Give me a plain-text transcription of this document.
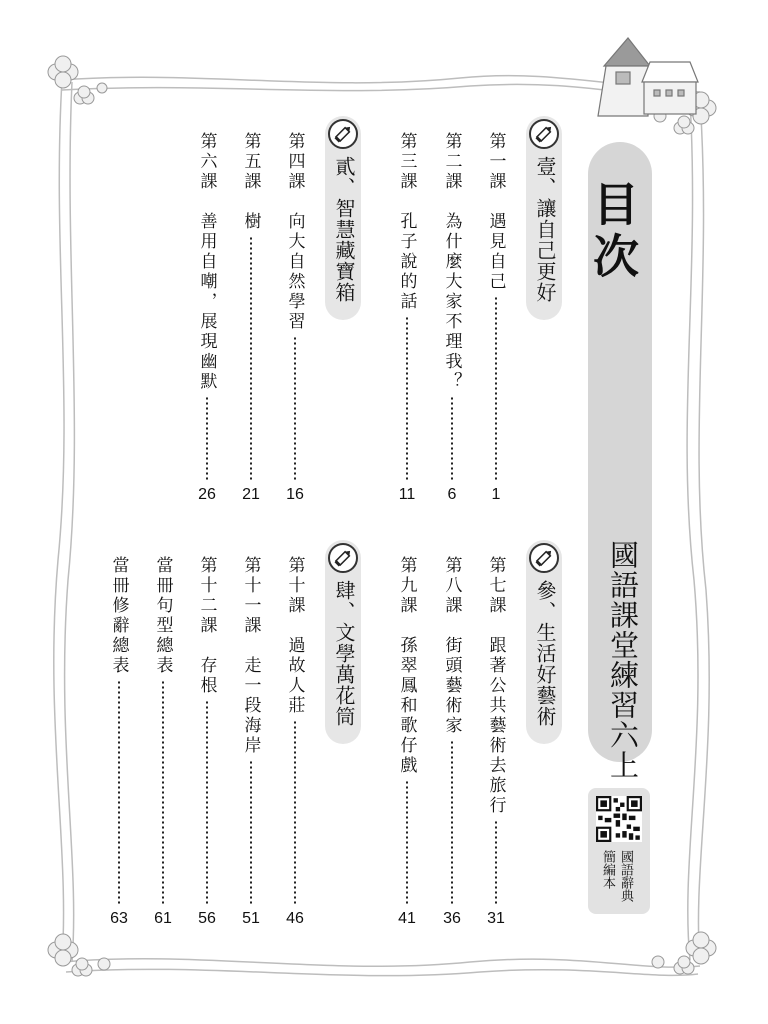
目次
國語課堂練習六上
國語辭典
簡編本
壹、讓自己更好
第一課
遇見自己
1
第二課
為什麼大家不理我？
6
第三課
孔子說的話
11
貳、智慧藏寶箱
第四課
向大自然學習
16
第五課
樹
21
第六課
善用自嘲，展現幽默
26
參、生活好藝術
第七課
跟著公共藝術去旅行
31
第八課
街頭藝術家
36
第九課
孫翠鳳和歌仔戲
41
肆、文學萬花筒
第十課
過故人莊
46
第十一課
走一段海岸
51
第十二課
存根
56
當冊句型總表
61
當冊修辭總表
63
